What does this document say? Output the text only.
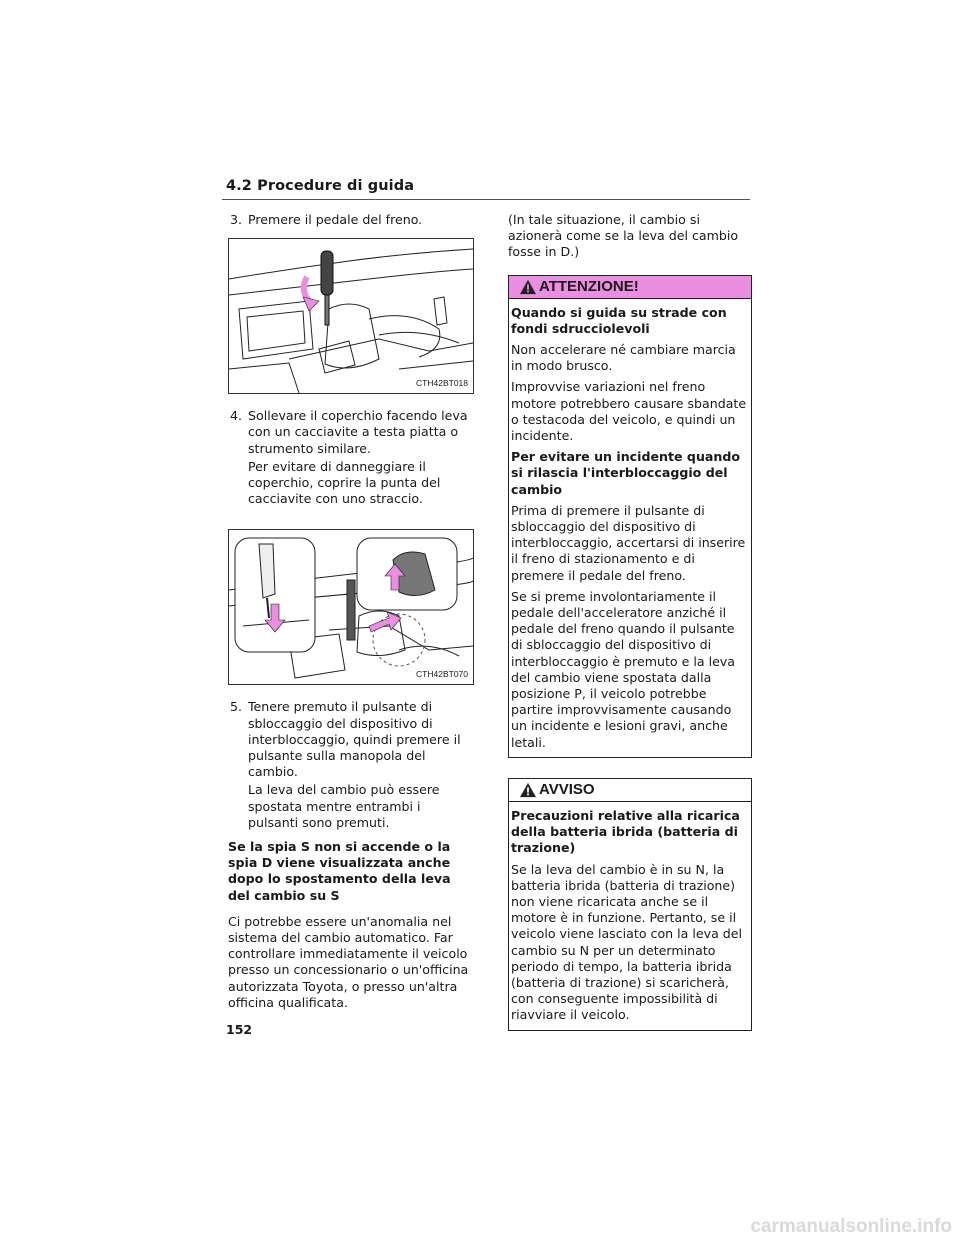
4.2 Procedure di guida
3. Premere il pedale del freno.
CTH42BT018
4. Sollevare il coperchio facendo leva con un cacciavite a testa piatta o strumento similare.

Per evitare di danneggiare il coperchio, coprire la punta del cacciavite con uno straccio.

CTH42BT070
5. Tenere premuto il pulsante di sbloccaggio del dispositivo di interbloccaggio, quindi premere il pulsante sulla manopola del cambio.

La leva del cambio può essere spostata mentre entrambi i pulsanti sono premuti.

Se la spia S non si accende o la spia D viene visualizzata anche dopo lo spostamento della leva del cambio su S

Ci potrebbe essere un'anomalia nel sistema del cambio automatico. Far controllare immediatamente il veicolo presso un concessionario o un'officina autorizzata Toyota, o presso un'altra officina qualificata.

(In tale situazione, il cambio si azionerà come se la leva del cambio fosse in D.)

ATTENZIONE!

Quando si guida su strade con fondi sdrucciolevoli

Non accelerare né cambiare marcia in modo brusco.

Improvvise variazioni nel freno motore potrebbero causare sbandate o testacoda del veicolo, e quindi un incidente.

Per evitare un incidente quando si rilascia l'interbloccaggio del cambio

Prima di premere il pulsante di sbloccaggio del dispositivo di interbloccaggio, accertarsi di inserire il freno di stazionamento e di premere il pedale del freno.

Se si preme involontariamente il pedale dell'acceleratore anziché il pedale del freno quando il pulsante di sbloccaggio del dispositivo di interbloccaggio è premuto e la leva del cambio viene spostata dalla posizione P, il veicolo potrebbe partire improvvisamente causando un incidente e lesioni gravi, anche letali.

AVVISO

Precauzioni relative alla ricarica della batteria ibrida (batteria di trazione)

Se la leva del cambio è in su N, la batteria ibrida (batteria di trazione) non viene ricaricata anche se il motore è in funzione. Pertanto, se il veicolo viene lasciato con la leva del cambio su N per un determinato periodo di tempo, la batteria ibrida (batteria di trazione) si scaricherà, con conseguente impossibilità di riavviare il veicolo.

152
carmanualsonline.info
